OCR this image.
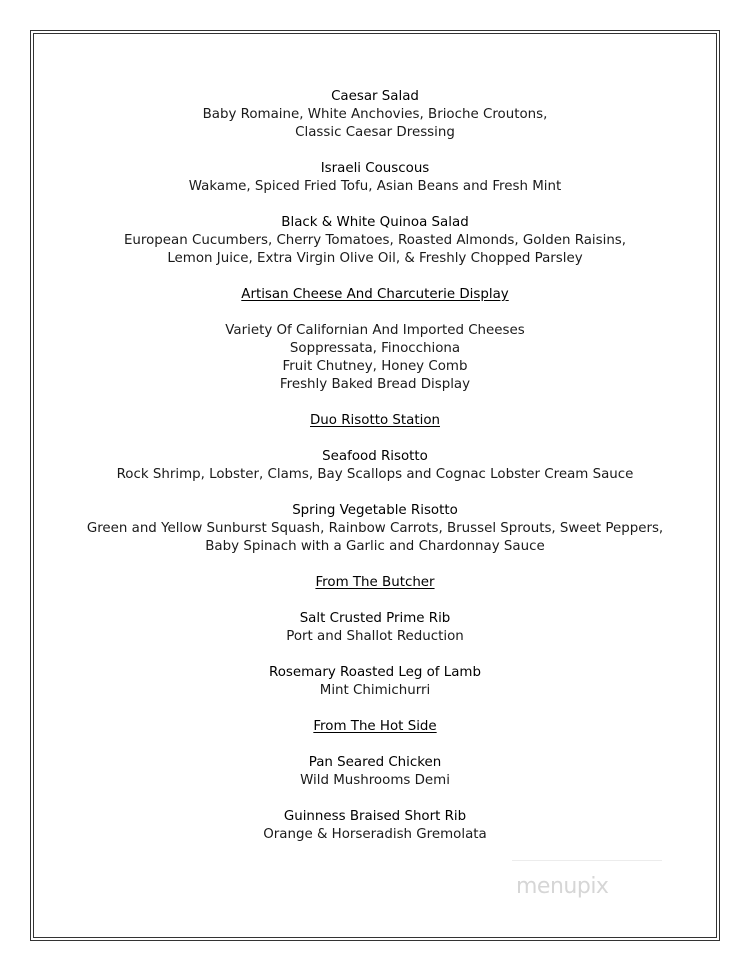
Caesar Salad
Baby Romaine, White Anchovies, Brioche Croutons,
Classic Caesar Dressing
Israeli Couscous
Wakame, Spiced Fried Tofu, Asian Beans and Fresh Mint
Black & White Quinoa Salad
European Cucumbers, Cherry Tomatoes, Roasted Almonds, Golden Raisins,
Lemon Juice, Extra Virgin Olive Oil, & Freshly Chopped Parsley
Artisan Cheese And Charcuterie Display
Variety Of Californian And Imported Cheeses
Soppressata, Finocchiona
Fruit Chutney, Honey Comb
Freshly Baked Bread Display
Duo Risotto Station
Seafood Risotto
Rock Shrimp, Lobster, Clams, Bay Scallops and Cognac Lobster Cream Sauce
Spring Vegetable Risotto
Green and Yellow Sunburst Squash, Rainbow Carrots, Brussel Sprouts, Sweet Peppers,
Baby Spinach with a Garlic and Chardonnay Sauce
From The Butcher
Salt Crusted Prime Rib
Port and Shallot Reduction
Rosemary Roasted Leg of Lamb
Mint Chimichurri
From The Hot Side
Pan Seared Chicken
Wild Mushrooms Demi
Guinness Braised Short Rib
Orange & Horseradish Gremolata
menupix
